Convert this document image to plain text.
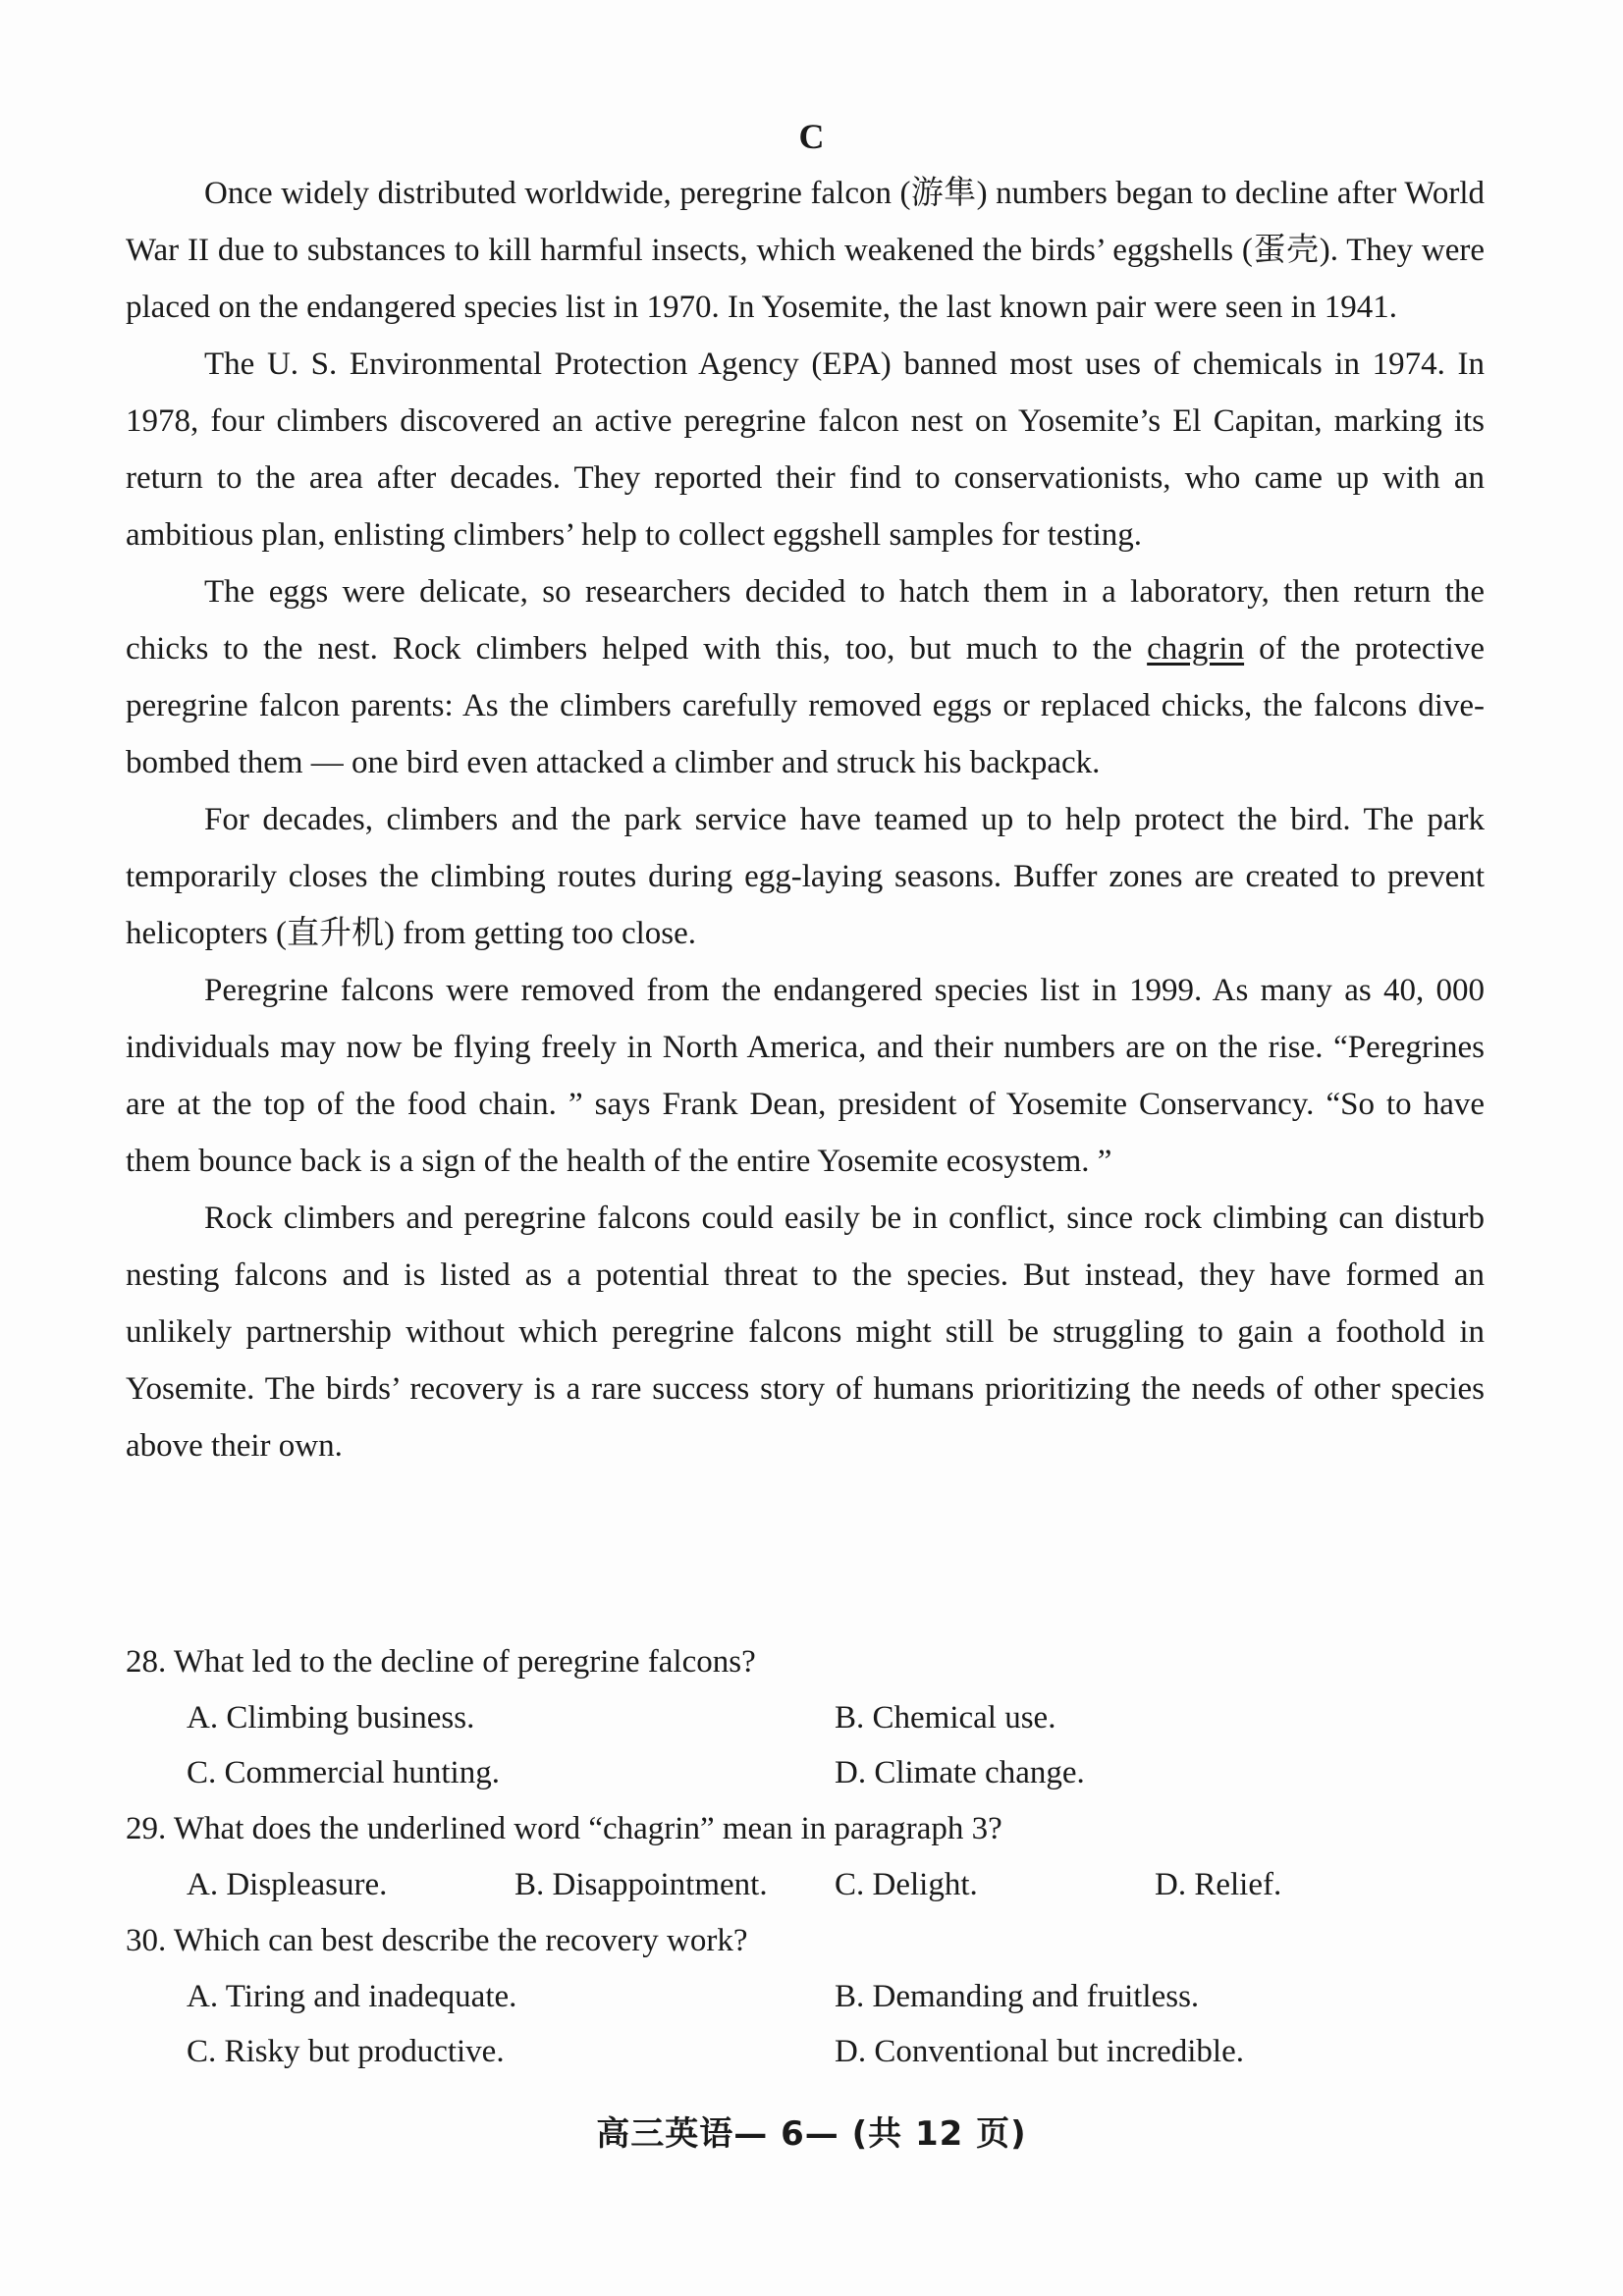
C

Once widely distributed worldwide, peregrine falcon (游隼) numbers began to decline after World War II due to substances to kill harmful insects, which weakened the birds’ eggshells (蛋壳). They were placed on the endangered species list in 1970. In Yosemite, the last known pair were seen in 1941.

The U. S. Environmental Protection Agency (EPA) banned most uses of chemicals in 1974. In 1978, four climbers discovered an active peregrine falcon nest on Yosemite’s El Capitan, marking its return to the area after decades. They reported their find to conservationists, who came up with an ambitious plan, enlisting climbers’ help to collect eggshell samples for testing.

The eggs were delicate, so researchers decided to hatch them in a laboratory, then return the chicks to the nest. Rock climbers helped with this, too, but much to the chagrin of the protective peregrine falcon parents: As the climbers carefully removed eggs or replaced chicks, the falcons dive-bombed them — one bird even attacked a climber and struck his backpack.

For decades, climbers and the park service have teamed up to help protect the bird. The park temporarily closes the climbing routes during egg-laying seasons. Buffer zones are created to prevent helicopters (直升机) from getting too close.

Peregrine falcons were removed from the endangered species list in 1999. As many as 40, 000 individuals may now be flying freely in North America, and their numbers are on the rise. “Peregrines are at the top of the food chain. ” says Frank Dean, president of Yosemite Conservancy. “So to have them bounce back is a sign of the health of the entire Yosemite ecosystem. ”

Rock climbers and peregrine falcons could easily be in conflict, since rock climbing can disturb nesting falcons and is listed as a potential threat to the species. But instead, they have formed an unlikely partnership without which peregrine falcons might still be struggling to gain a foothold in Yosemite. The birds’ recovery is a rare success story of humans prioritizing the needs of other species above their own.

28. What led to the decline of peregrine falcons?
A. Climbing business.	B. Chemical use.
C. Commercial hunting.	D. Climate change.
29. What does the underlined word “chagrin” mean in paragraph 3?
A. Displeasure.	B. Disappointment. C. Delight.	D. Relief.
30. Which can best describe the recovery work?
A. Tiring and inadequate.	B. Demanding and fruitless.
C. Risky but productive.	D. Conventional but incredible.
高三英语— 6— (共 12 页)
